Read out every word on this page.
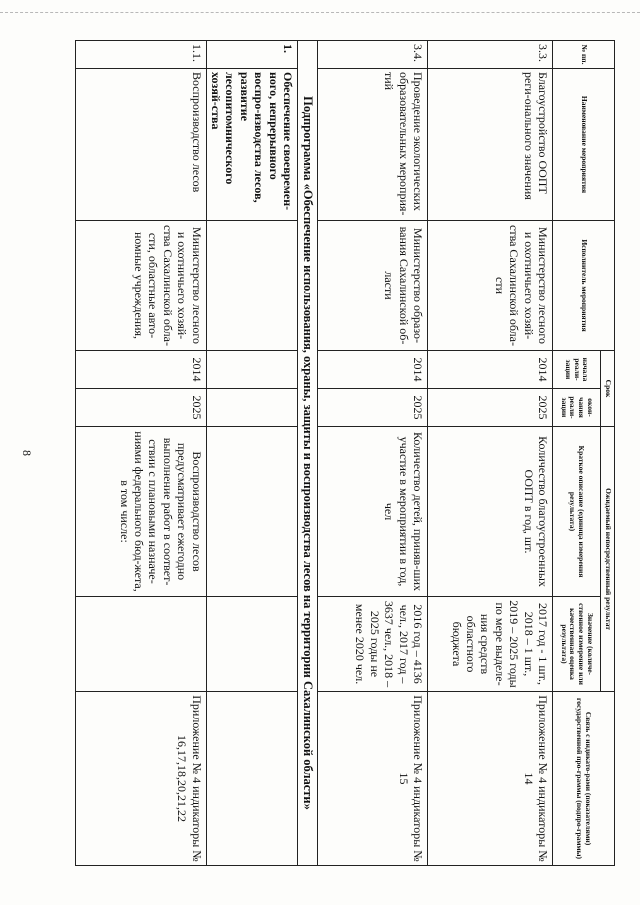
8
№ пп.	Наименование мероприятия	Исполнитель мероприятия	Срок		Ожидаемый непосредственный результат		Связь с индикато-рами (показателями) государственной про-граммы (подпро-граммы)
			начала реали-зации	окон-чания реали-зации	Краткое описание (единица измерения результата)	Значение (количе-ственное измерение или качественная оценка результата)	

3.3.	Благоустройство ООПТ реги-онального значения	Министерство лесного и охотничьего хозяй-ства Сахалинской обла-сти	2014	2025	Количество благоустроенных ООПТ в год, шт.	2017 год - 1 шт., 2018 – 1 шт., 2019 – 2025 годы по мере выделе-ния средств областного бюджета	Приложение № 4 индикаторы № 14
3.4.	Проведение экологических образовательных мероприя-тий	Министерство образо-вания Сахалинской об-ласти	2014	2025	Количество детей, приняв-ших участие в мероприятии в год, чел	2016 год – 4136 чел., 2017 год – 3637 чел., 2018 – 2025 годы не менее 2020 чел.	Приложение № 4 индикаторы № 15
Подпрограмма «Обеспечение использования, охраны, защиты и воспроизводства лесов на территории Сахалинской области»							
1.	Обеспечение своевремен-ного, непрерывного воспро-изводства лесов, развитие лесопитомнического хозяй-ства						
1.1.	Воспроизводство лесов	Министерство лесного и охотничьего хозяй-ства Сахалинской обла-сти, областные авто-номные учреждения,	2014	2025	Воспроизводство лесов предусматривает ежегодно выполнение работ в соответ-ствии с плановыми назначе-ниями федерального бюд-жета, в том числе:		Приложение № 4 индикаторы № 16,17,18,20,21,22
